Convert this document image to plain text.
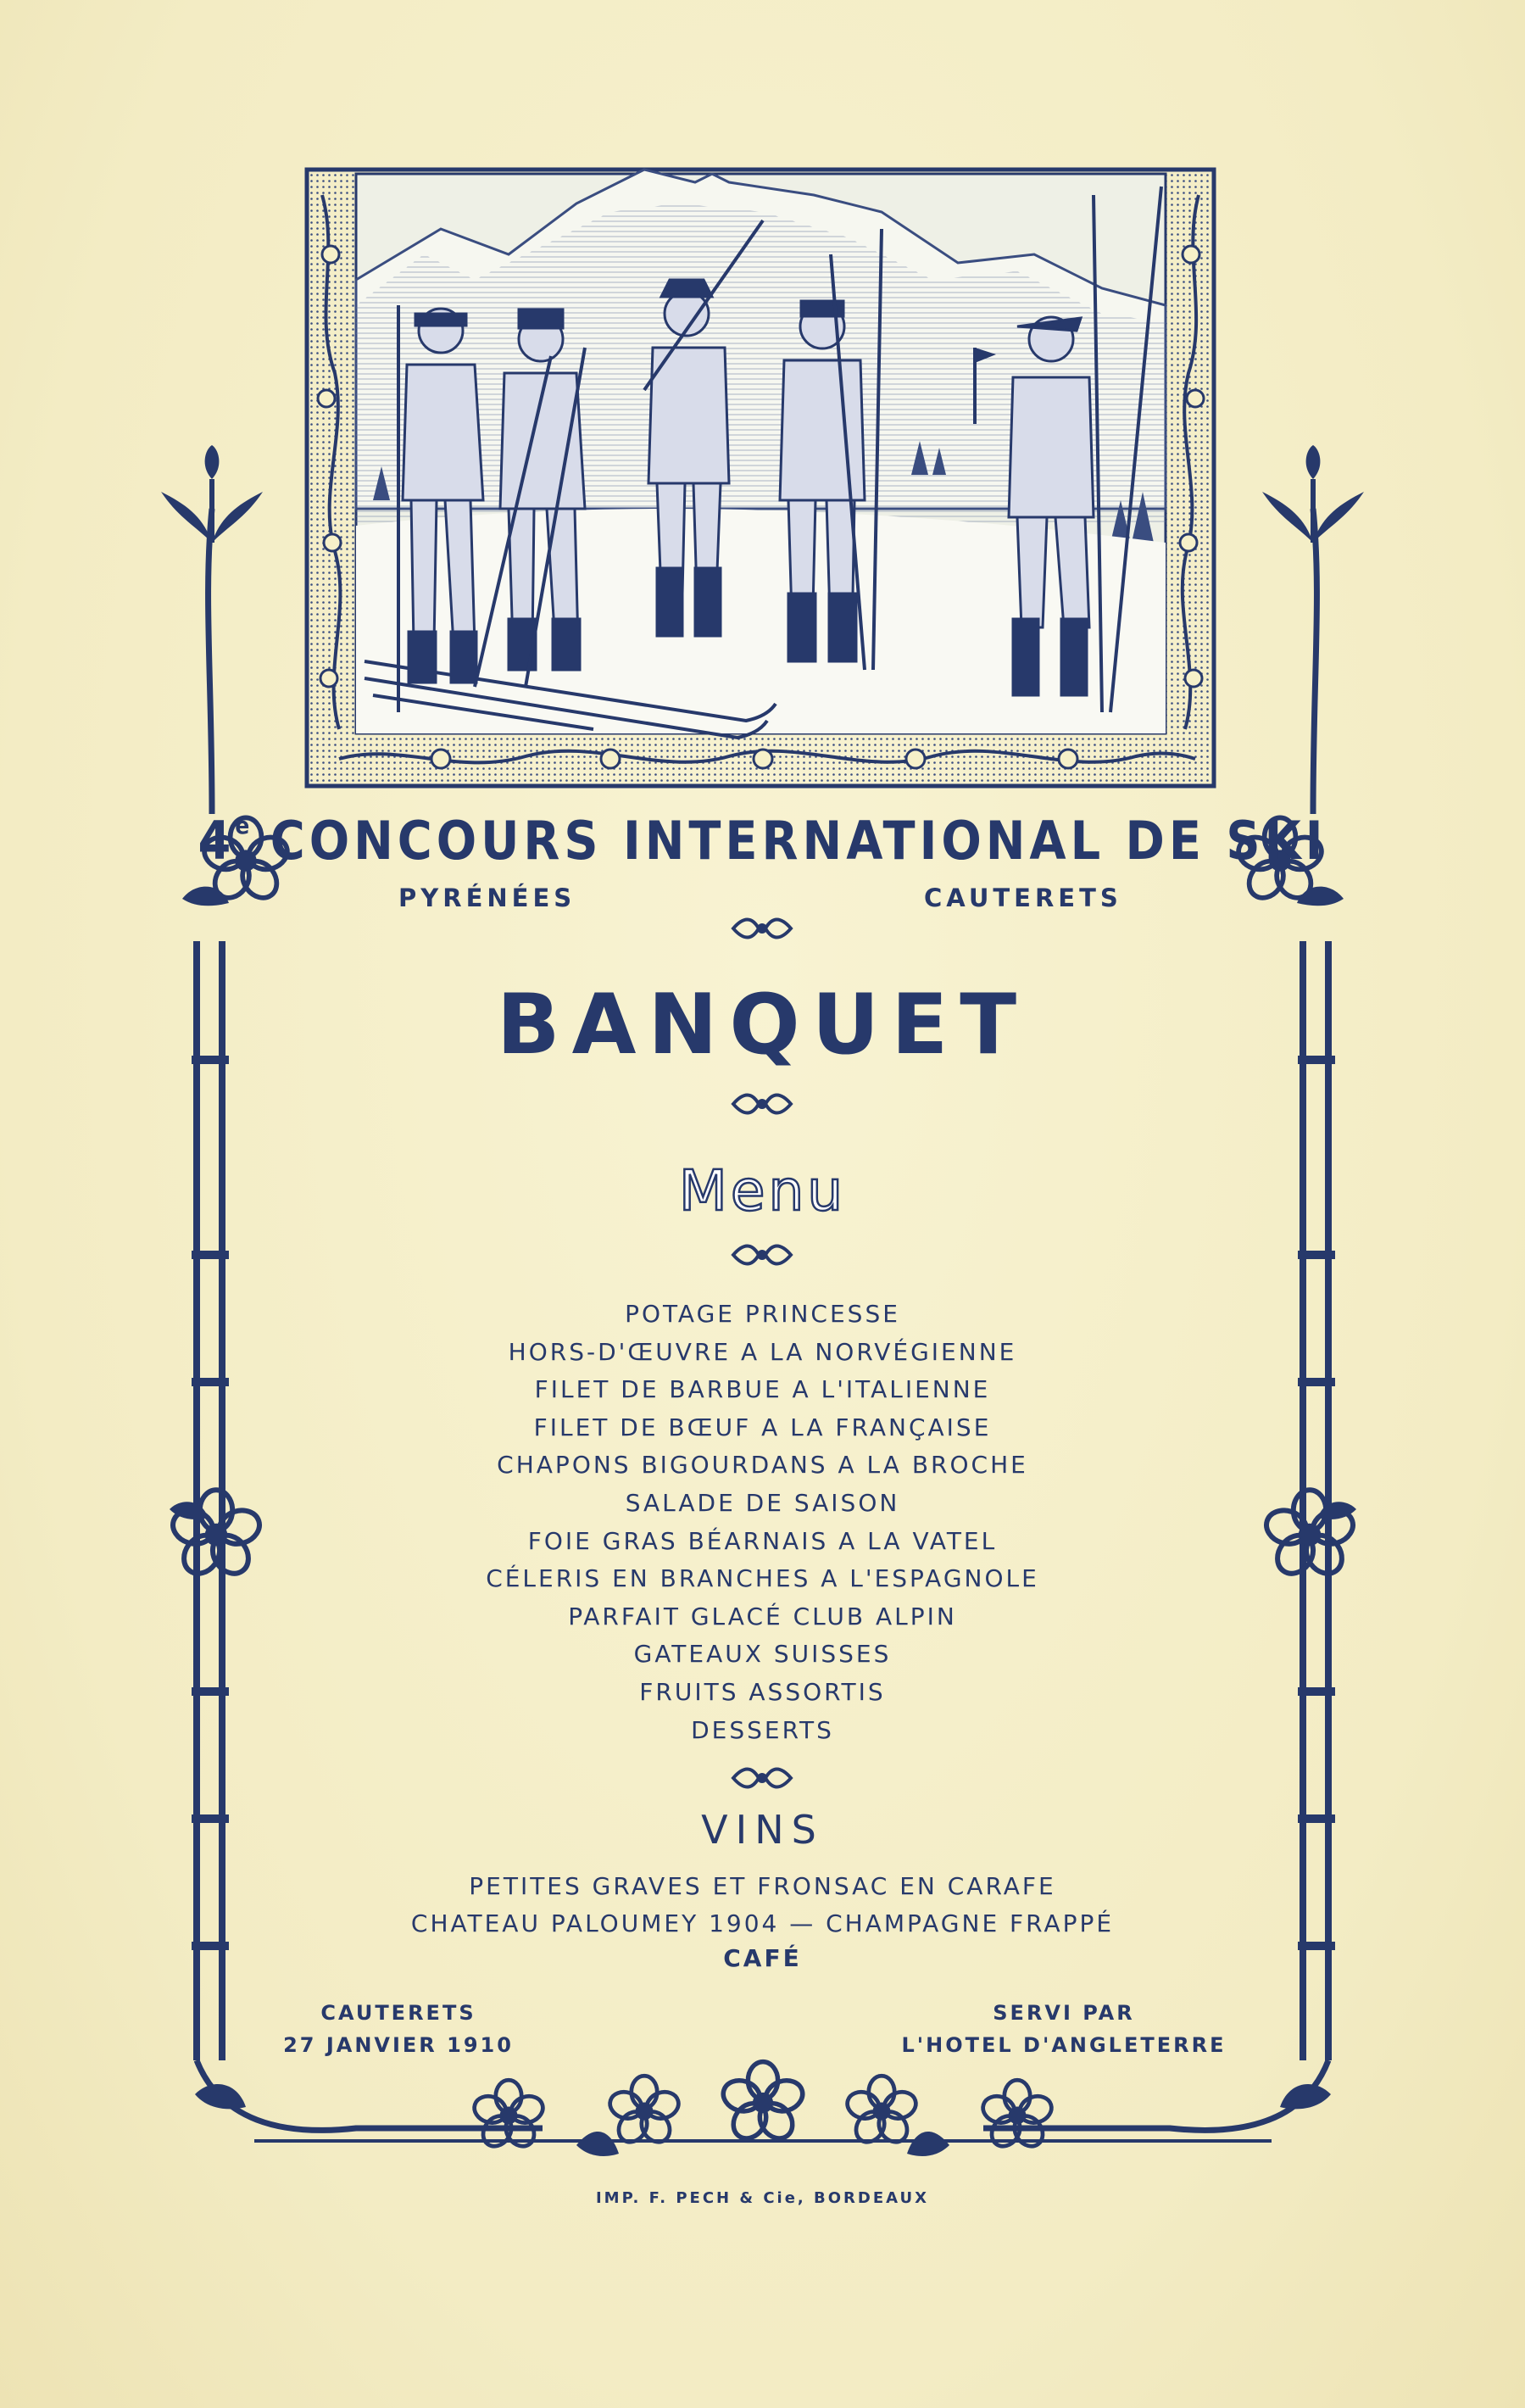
4e CONCOURS INTERNATIONAL DE SKI
PYRÉNÉES	CAUTERETS
BANQUET
Menu
POTAGE PRINCESSE
HORS-D'ŒUVRE A LA NORVÉGIENNE
FILET DE BARBUE A L'ITALIENNE
FILET DE BŒUF A LA FRANÇAISE
CHAPONS BIGOURDANS A LA BROCHE
SALADE DE SAISON
FOIE GRAS BÉARNAIS A LA VATEL
CÉLERIS EN BRANCHES A L'ESPAGNOLE
PARFAIT GLACÉ CLUB ALPIN
GATEAUX SUISSES
FRUITS ASSORTIS
DESSERTS
VINS
PETITES GRAVES ET FRONSAC EN CARAFE
CHATEAU PALOUMEY 1904 — CHAMPAGNE FRAPPÉ
CAFÉ
CAUTERETS
27 JANVIER 1910
SERVI PAR
L'HOTEL D'ANGLETERRE
IMP. F. PECH & Cie, BORDEAUX
